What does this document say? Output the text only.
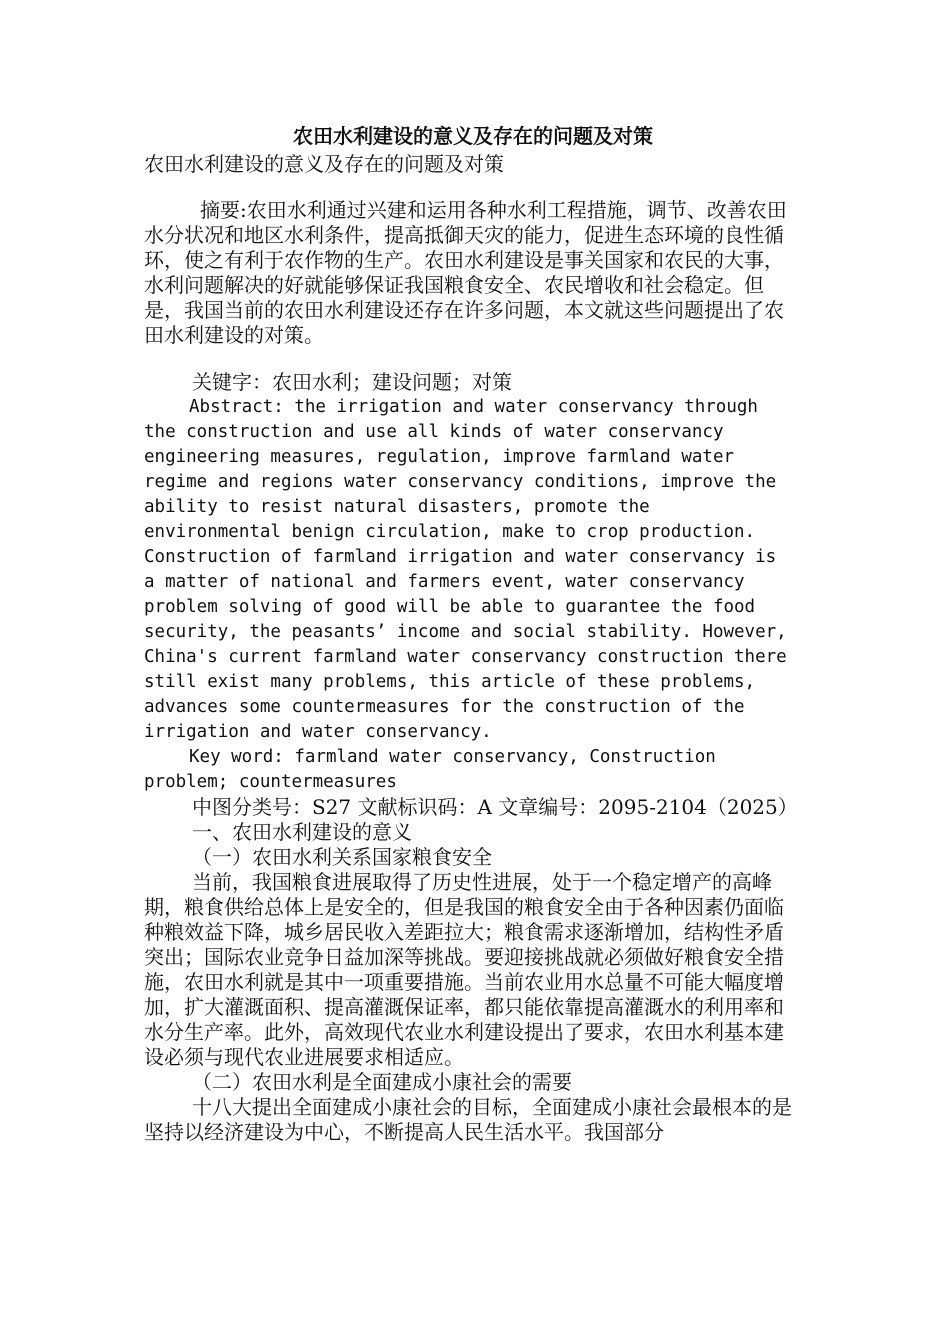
农田水利建设的意义及存在的问题及对策

农田水利建设的意义及存在的问题及对策

摘要:农田水利通过兴建和运用各种水利工程措施，调节、改善农田水分状况和地区水利条件，提高抵御天灾的能力，促进生态环境的良性循环，使之有利于农作物的生产。农田水利建设是事关国家和农民的大事，水利问题解决的好就能够保证我国粮食安全、农民增收和社会稳定。但是，我国当前的农田水利建设还存在许多问题，本文就这些问题提出了农田水利建设的对策。

关键字：农田水利；建设问题；对策

Abstract: the irrigation and water conservancy through the construction and use all kinds of water conservancy engineering measures, regulation, improve farmland water regime and regions water conservancy conditions, improve the ability to resist natural disasters, promote the environmental benign circulation, make to crop production. Construction of farmland irrigation and water conservancy is a matter of national and farmers event, water conservancy problem solving of good will be able to guarantee the food security, the peasants’ income and social stability. However, China's current farmland water conservancy construction there still exist many problems, this article of these problems, advances some countermeasures for the construction of the irrigation and water conservancy.

Key word: farmland water conservancy, Construction problem; countermeasures

中图分类号：S27 文献标识码：A 文章编号：2095-2104（2025）

一、农田水利建设的意义

（一）农田水利关系国家粮食安全

当前，我国粮食进展取得了历史性进展，处于一个稳定增产的高峰期，粮食供给总体上是安全的，但是我国的粮食安全由于各种因素仍面临种粮效益下降，城乡居民收入差距拉大；粮食需求逐渐增加，结构性矛盾突出；国际农业竞争日益加深等挑战。要迎接挑战就必须做好粮食安全措施，农田水利就是其中一项重要措施。当前农业用水总量不可能大幅度增加，扩大灌溉面积、提高灌溉保证率，都只能依靠提高灌溉水的利用率和水分生产率。此外，高效现代农业水利建设提出了要求，农田水利基本建设必须与现代农业进展要求相适应。

（二）农田水利是全面建成小康社会的需要

十八大提出全面建成小康社会的目标，全面建成小康社会最根本的是坚持以经济建设为中心，不断提高人民生活水平。我国部分
